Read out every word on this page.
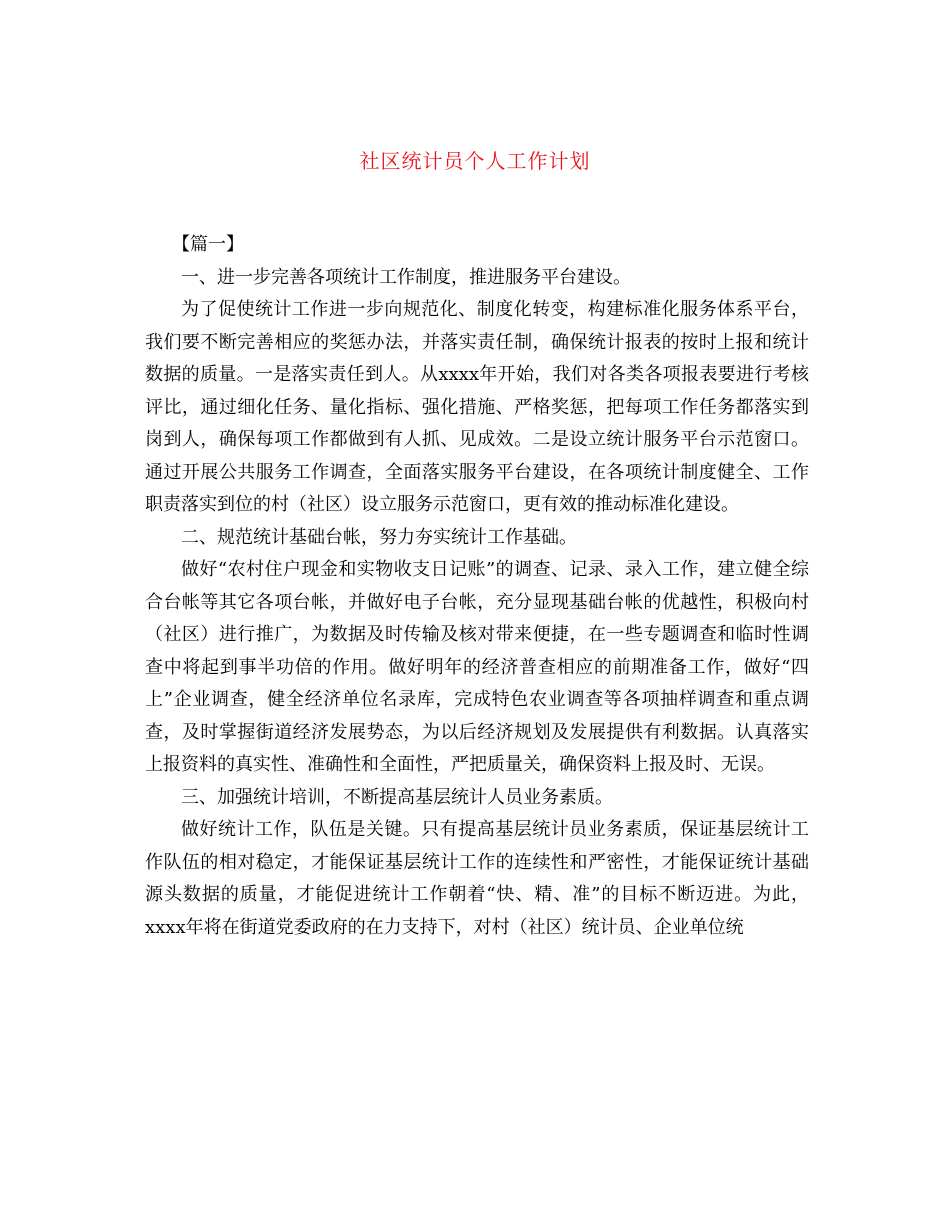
社区统计员个人工作计划

【篇一】

一、进一步完善各项统计工作制度，推进服务平台建设。

为了促使统计工作进一步向规范化、制度化转变，构建标准化服务体系平台，我们要不断完善相应的奖惩办法，并落实责任制，确保统计报表的按时上报和统计数据的质量。一是落实责任到人。从xxxx年开始，我们对各类各项报表要进行考核评比，通过细化任务、量化指标、强化措施、严格奖惩，把每项工作任务都落实到岗到人，确保每项工作都做到有人抓、见成效。二是设立统计服务平台示范窗口。通过开展公共服务工作调查，全面落实服务平台建设，在各项统计制度健全、工作职责落实到位的村（社区）设立服务示范窗口，更有效的推动标准化建设。

二、规范统计基础台帐，努力夯实统计工作基础。

做好“农村住户现金和实物收支日记账”的调查、记录、录入工作，建立健全综合台帐等其它各项台帐，并做好电子台帐，充分显现基础台帐的优越性，积极向村（社区）进行推广，为数据及时传输及核对带来便捷，在一些专题调查和临时性调查中将起到事半功倍的作用。做好明年的经济普查相应的前期准备工作，做好“四上”企业调查，健全经济单位名录库，完成特色农业调查等各项抽样调查和重点调查，及时掌握街道经济发展势态，为以后经济规划及发展提供有利数据。认真落实上报资料的真实性、准确性和全面性，严把质量关，确保资料上报及时、无误。

三、加强统计培训，不断提高基层统计人员业务素质。

做好统计工作，队伍是关键。只有提高基层统计员业务素质，保证基层统计工作队伍的相对稳定，才能保证基层统计工作的连续性和严密性，才能保证统计基础源头数据的质量，才能促进统计工作朝着“快、精、准”的目标不断迈进。为此，xxxx年将在街道党委政府的在力支持下，对村（社区）统计员、企业单位统
